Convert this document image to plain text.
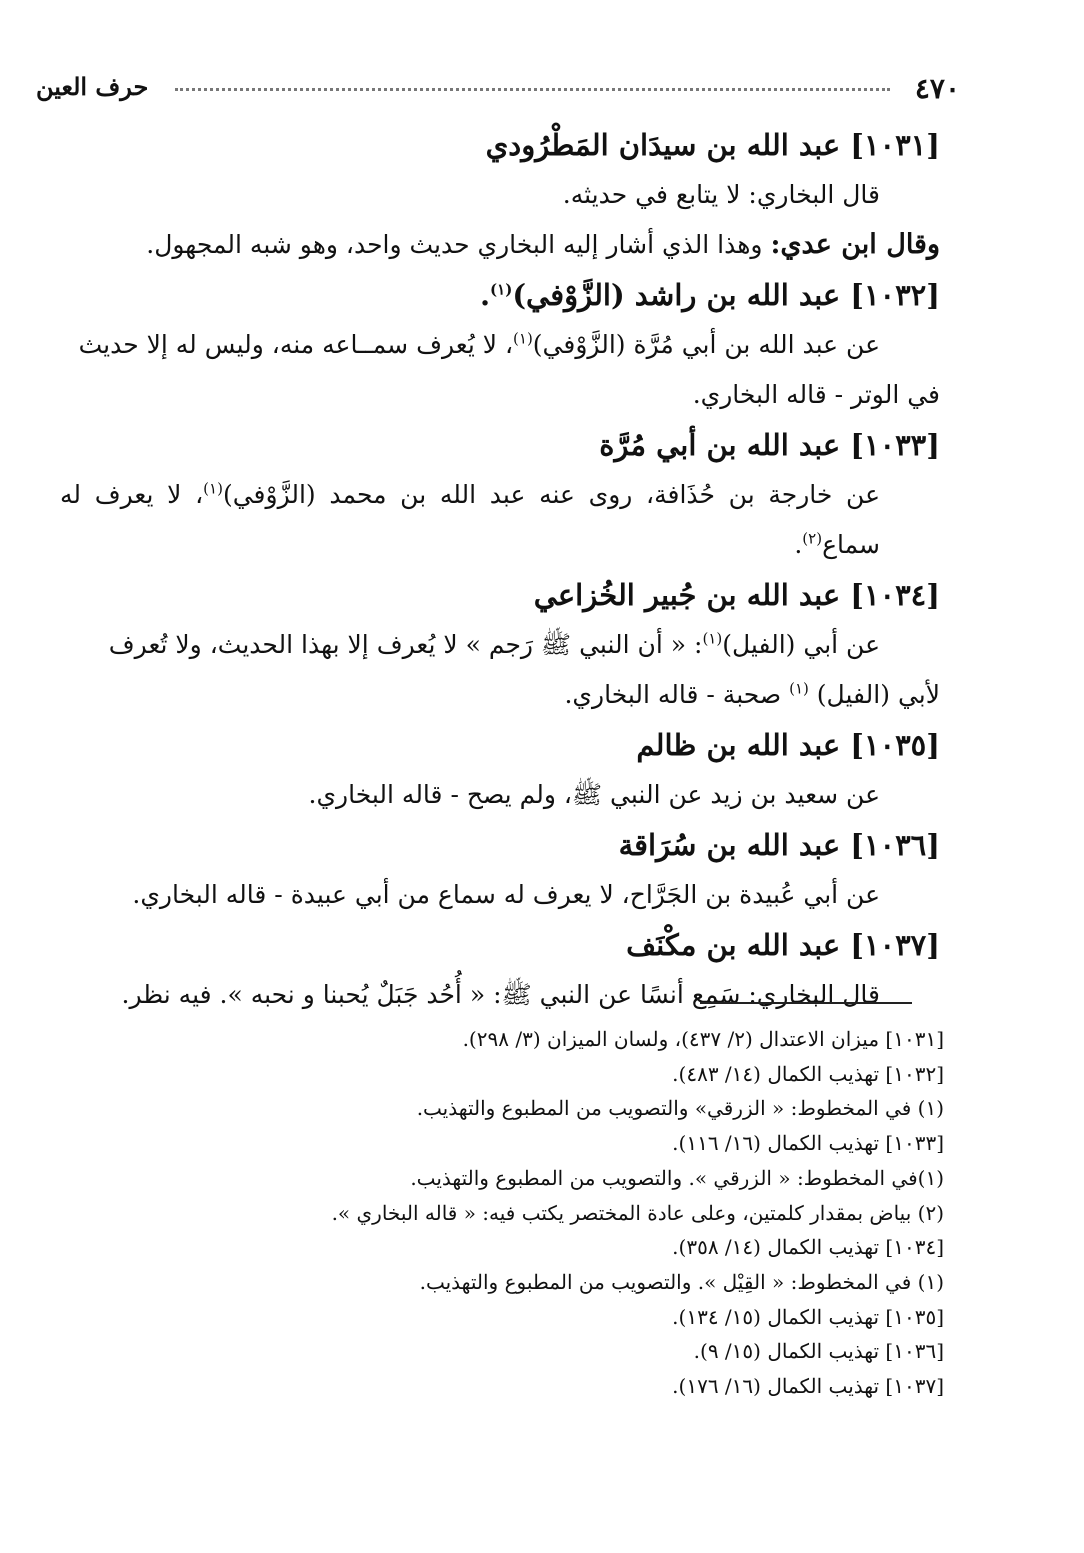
٤٧٠
حرف العين

[١٠٣١] عبد الله بن سيدَان المَطْرُودي

قال البخاري: لا يتابع في حديثه.

وقال ابن عدي: وهذا الذي أشار إليه البخاري حديث واحد، وهو شبه المجهول.

[١٠٣٢] عبد الله بن راشد (الزَّوْفي)$^{(١)}$.

عن عبد الله بن أبي مُرَّة (الزَّوْفي)$^{(١)}$، لا يُعرف سمــاعه منه، وليس له إلا حديث

في الوتر - قاله البخاري.

[١٠٣٣] عبد الله بن أبي مُرَّة

عن خارجة بن حُذَافة، روى عنه عبد الله بن محمد (الزَّوْفي)$^{(١)}$، لا يعرف له سماع$^{(٢)}$.

[١٠٣٤] عبد الله بن جُبير الخُزاعي

عن أبي (الفيل)$^{(١)}$: « أن النبي ﷺ رَجم » لا يُعرف إلا بهذا الحديث، ولا تُعرف

لأبي (الفيل) $^{(١)}$ صحبة - قاله البخاري.

[١٠٣٥] عبد الله بن ظالم

عن سعيد بن زيد عن النبي ﷺ، ولم يصح - قاله البخاري.

[١٠٣٦] عبد الله بن سُرَاقة

عن أبي عُبيدة بن الجَرَّاح، لا يعرف له سماع من أبي عبيدة - قاله البخاري.

[١٠٣٧] عبد الله بن مكْنَف

قال البخاري: سَمِع أنسًا عن النبي ﷺ: « أُحُد جَبَلٌ يُحبنا و نحبه ». فيه نظر.

[١٠٣١] ميزان الاعتدال (٢/ ٤٣٧)، ولسان الميزان (٣/ ٢٩٨).

[١٠٣٢] تهذيب الكمال (١٤/ ٤٨٣).

(١) في المخطوط: « الزرقي» والتصويب من المطبوع والتهذيب.

[١٠٣٣] تهذيب الكمال (١٦/ ١١٦).

(١)في المخطوط: « الزرقي ». والتصويب من المطبوع والتهذيب.

(٢) بياض بمقدار كلمتين، وعلى عادة المختصر يكتب فيه: « قاله البخاري ».

[١٠٣٤] تهذيب الكمال (١٤/ ٣٥٨).

(١) في المخطوط: « القِيْل ». والتصويب من المطبوع والتهذيب.

[١٠٣٥] تهذيب الكمال (١٥/ ١٣٤).

[١٠٣٦] تهذيب الكمال (١٥/ ٩).

[١٠٣٧] تهذيب الكمال (١٦/ ١٧٦).
